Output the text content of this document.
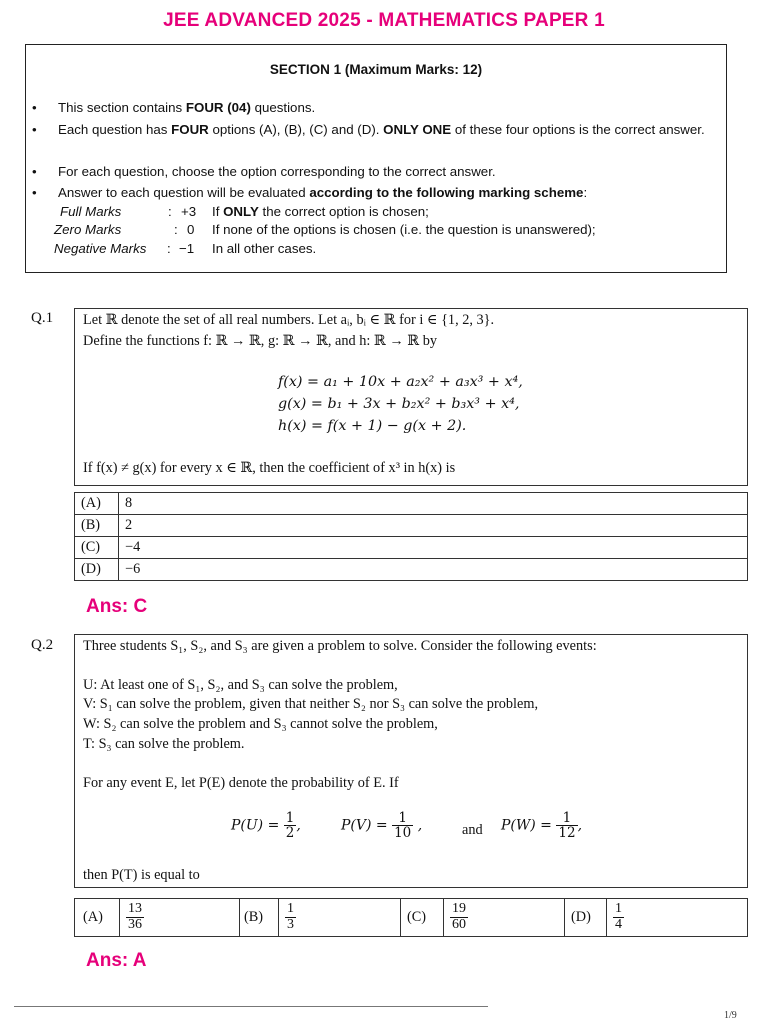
JEE ADVANCED 2025 - MATHEMATICS PAPER 1
SECTION 1 (Maximum Marks: 12)
• This section contains FOUR (04) questions.
• Each question has FOUR options (A), (B), (C) and (D). ONLY ONE of these four options is the correct answer.
• For each question, choose the option corresponding to the correct answer.
• Answer to each question will be evaluated according to the following marking scheme:
Full Marks	: +3 If ONLY the correct option is chosen;
Zero Marks	: 0 If none of the options is chosen (i.e. the question is unanswered);
Negative Marks : −1 In all other cases.
Q.1 Let ℝ denote the set of all real numbers. Let aᵢ, bᵢ ∈ ℝ for i ∈ {1, 2, 3}.
Define the functions f: ℝ → ℝ, g: ℝ → ℝ, and h: ℝ → ℝ by
f(x) = a₁ + 10x + a₂x² + a₃x³ + x⁴,
g(x) = b₁ + 3x + b₂x² + b₃x³ + x⁴,
h(x) = f(x + 1) − g(x + 2).
If f(x) ≠ g(x) for every x ∈ ℝ, then the coefficient of x³ in h(x) is
(A)	8
(B)	2
(C)	−4
(D)	−6
Ans: C
Q.2 Three students S₁, S₂, and S₃ are given a problem to solve. Consider the following events:
U: At least one of S₁, S₂, and S₃ can solve the problem,
V: S₁ can solve the problem, given that neither S₂ nor S₃ can solve the problem,
W: S₂ can solve the problem and S₃ cannot solve the problem,
T: S₃ can solve the problem.
For any event E, let P(E) denote the probability of E. If
$P(U) = \frac{1}{2}$ ,	$P(V) = \frac{1}{10}$ ,	and $P(W) = \frac{1}{12}$ ,
then P(T) is equal to
(A)	$\frac{13}{36}$	(B)	$\frac{1}{3}$	(C)	$\frac{19}{60}$	(D)	$\frac{1}{4}$
Ans: A
1/9
